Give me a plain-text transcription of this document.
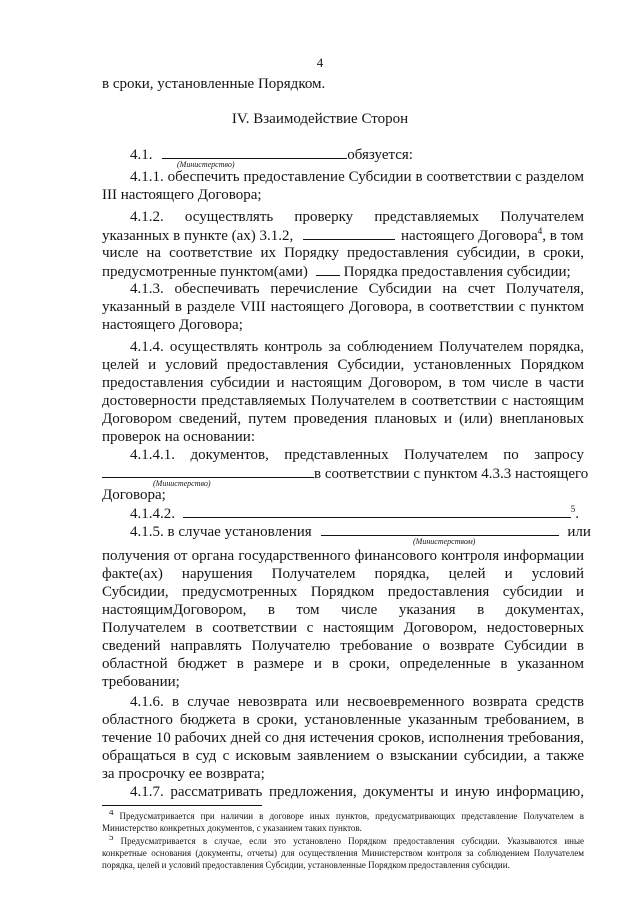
4
в сроки, установленные Порядком.
IV. Взаимодействие Сторон
4.1.	обязуется:
(Министерство)
4.1.1. обеспечить предоставление Субсидии в соответствии с разделом
III настоящего Договора;
4.1.2. осуществлять проверку представляемых Получателем
указанных в пункте (ах) 3.1.2,	настоящего Договора$^4$, в том
числе на соответствие их Порядку предоставления субсидии, в сроки,
предусмотренные пунктом(ами) Порядка предоставления субсидии;
4.1.3. обеспечивать перечисление Субсидии на счет Получателя,
указанный в разделе VIII настоящего Договора, в соответствии с пунктом
настоящего Договора;
4.1.4. осуществлять контроль за соблюдением Получателем порядка,
целей и условий предоставления Субсидии, установленных Порядком
предоставления субсидии и настоящим Договором, в том числе в части
достоверности представляемых Получателем в соответствии с настоящим
Договором сведений, путем проведения плановых и (или) внеплановых
проверок на основании:
4.1.4.1. документов, представленных Получателем по запросу
в соответствии с пунктом 4.3.3 настоящего
(Министерство)
Договора;
4.1.4.2.	$^5$.
4.1.5. в случае установления	или
(Министерством)
получения от органа государственного финансового контроля информации
факте(ах) нарушения Получателем порядка, целей и условий
Субсидии, предусмотренных Порядком предоставления субсидии и
настоящимДоговором, в том числе указания в документах,
Получателем в соответствии с настоящим Договором, недостоверных
сведений направлять Получателю требование о возврате Субсидии в
областной бюджет в размере и в сроки, определенные в указанном
требовании;
4.1.6. в случае невозврата или несвоевременного возврата средств
областного бюджета в сроки, установленные указанным требованием, в
течение 10 рабочих дней со дня истечения сроков, исполнения требования,
обращаться в суд с исковым заявлением о взыскании субсидии, а также
за просрочку ее возврата;
4.1.7. рассматривать предложения, документы и иную информацию,
$^4$ Предусматривается при наличии в договоре иных пунктов, предусматривающих представление Получателем в
Министерство конкретных документов, с указанием таких пунктов.
$^5$ Предусматривается в случае, если это установлено Порядком предоставления субсидии. Указываются иные
конкретные основания (документы, отчеты) для осуществления Министерством контроля за соблюдением Получателем
порядка, целей и условий предоставления Субсидии, установленные Порядком предоставления субсидии.
